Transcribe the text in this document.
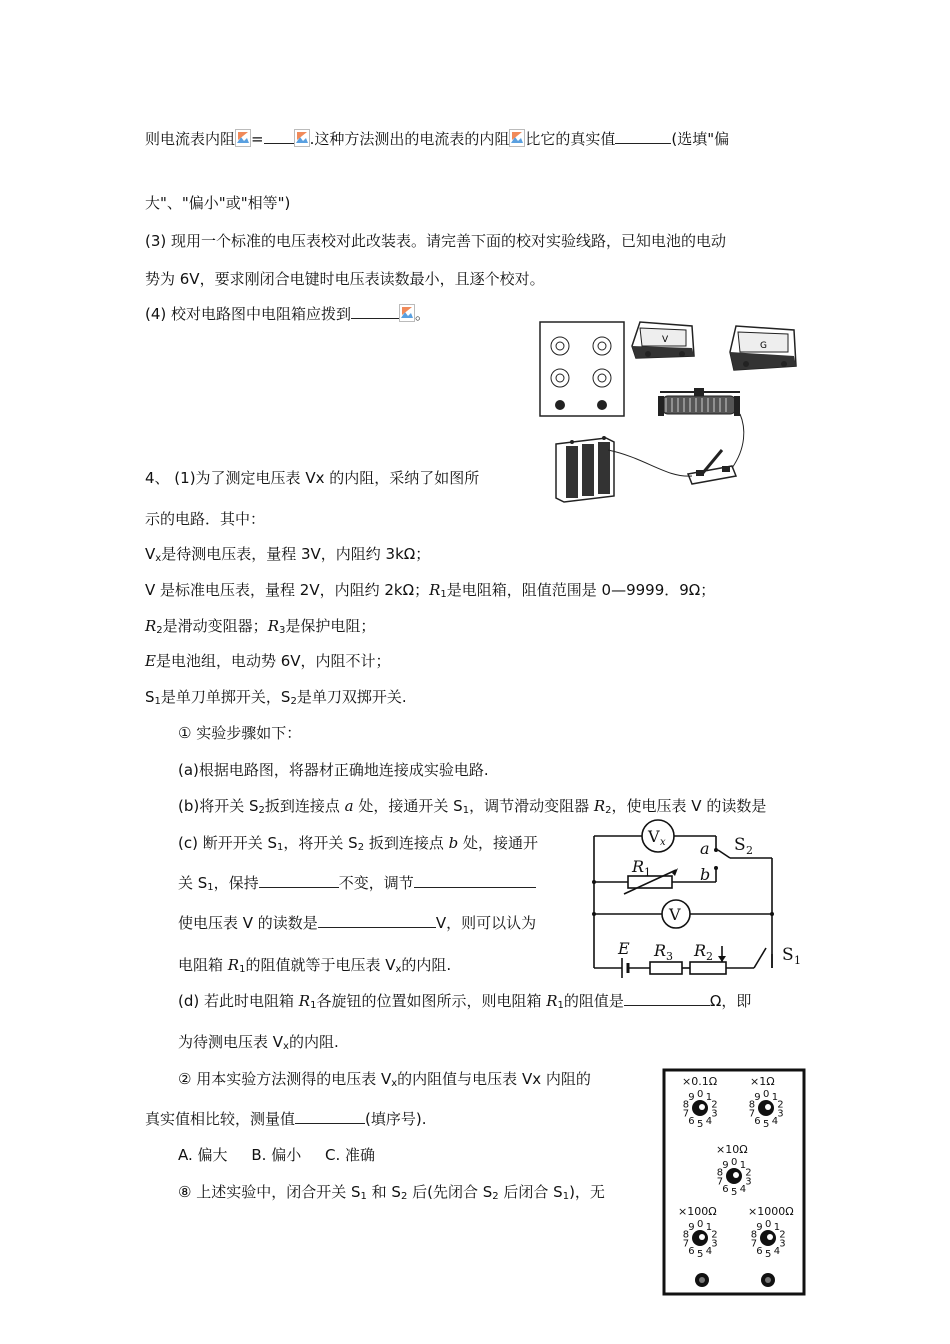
则电流表内阻 =	.这种方法测出的电流表的内阻 比它的真实值	(选填"偏
大"、"偏小"或"相等")
(3) 现用一个标准的电压表校对此改装表。请完善下面的校对实验线路，已知电池的电动
势为 6V，要求刚闭合电键时电压表读数最小，且逐个校对。
(4) 校对电路图中电阻箱应拨到	。
4、 (1)为了测定电压表 Vx 的内阻，采纳了如图所
示的电路．其中：
$V_x$是待测电压表，量程 3V，内阻约 3kΩ；
V 是标准电压表，量程 2V，内阻约 2kΩ；$R_1$是电阻箱，阻值范围是 0—9999．9Ω；
$R_2$是滑动变阻器；$R_3$是保护电阻；
E是电池组，电动势 6V，内阻不计；
$S_1$是单刀单掷开关，$S_2$是单刀双掷开关.
① 实验步骤如下：
(a)根据电路图，将器材正确地连接成实验电路.
(b)将开关 $S_2$扳到连接点 a 处，接通开关 $S_1$，调节滑动变阻器 $R_2$，使电压表 V 的读数是
(c) 断开开关 $S_1$，将开关 $S_2$ 扳到连接点 b 处，接通开
关 $S_1$，保持	不变，调节
使电压表 V 的读数是	V，则可以认为
电阻箱 $R_1$的阻值就等于电压表 $V_x$的内阻.
(d) 若此时电阻箱 $R_1$各旋钮的位置如图所示，则电阻箱 $R_1$的阻值是	Ω，即
为待测电压表 $V_x$的内阻.
② 用本实验方法测得的电压表 $V_x$的内阻值与电压表 Vx 内阻的
真实值相比较，测量值	(填序号).
A. 偏大     B. 偏小     C. 准确
⑧ 上述实验中，闭合开关 $S_1$ 和 $S_2$ 后(先闭合 $S_2$ 后闭合 $S_1$)，无
V
G
V x a
b
S 2
R 1
V
E R 3 R 2	S 1
×0.1Ω	×1Ω
×10Ω
×100Ω	×1000Ω
0 1
2
3
4
5
6
7
8
9	0 1
2
3
4
5
6
7
8
9
0 1
2
3
4
5
6
7
8
9
0 1
2
3
4
5
6
7
8
9	0 1
2
3
4
5
6
7
8
9
